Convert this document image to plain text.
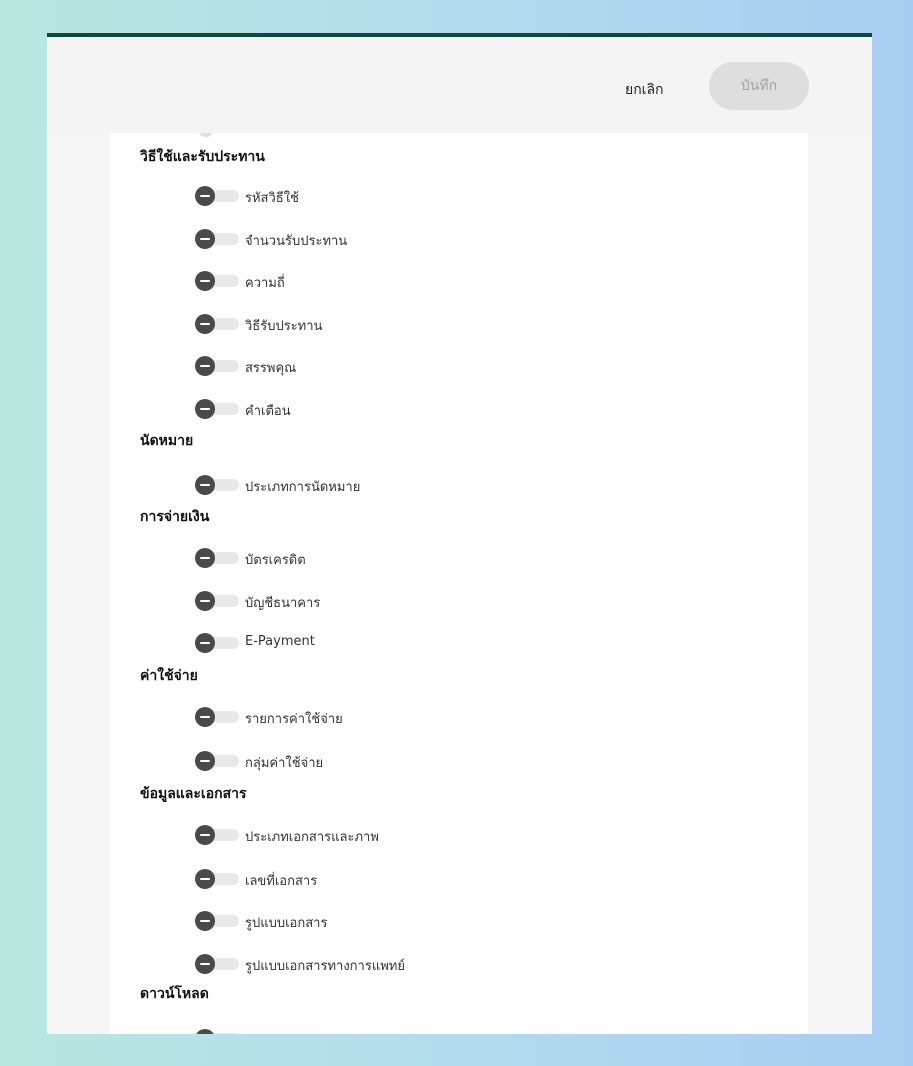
ยกเลิก	บันทึก
วิธีใช้และรับประทาน
รหัสวิธีใช้
จำนวนรับประทาน
ความถี่
วิธีรับประทาน
สรรพคุณ
คำเตือน
นัดหมาย
ประเภทการนัดหมาย
การจ่ายเงิน
บัตรเครดิต
บัญชีธนาคาร
E-Payment
ค่าใช้จ่าย
รายการค่าใช้จ่าย
กลุ่มค่าใช้จ่าย
ข้อมูลและเอกสาร
ประเภทเอกสารและภาพ
เลขที่เอกสาร
รูปแบบเอกสาร
รูปแบบเอกสารทางการแพทย์
ดาวน์โหลด
